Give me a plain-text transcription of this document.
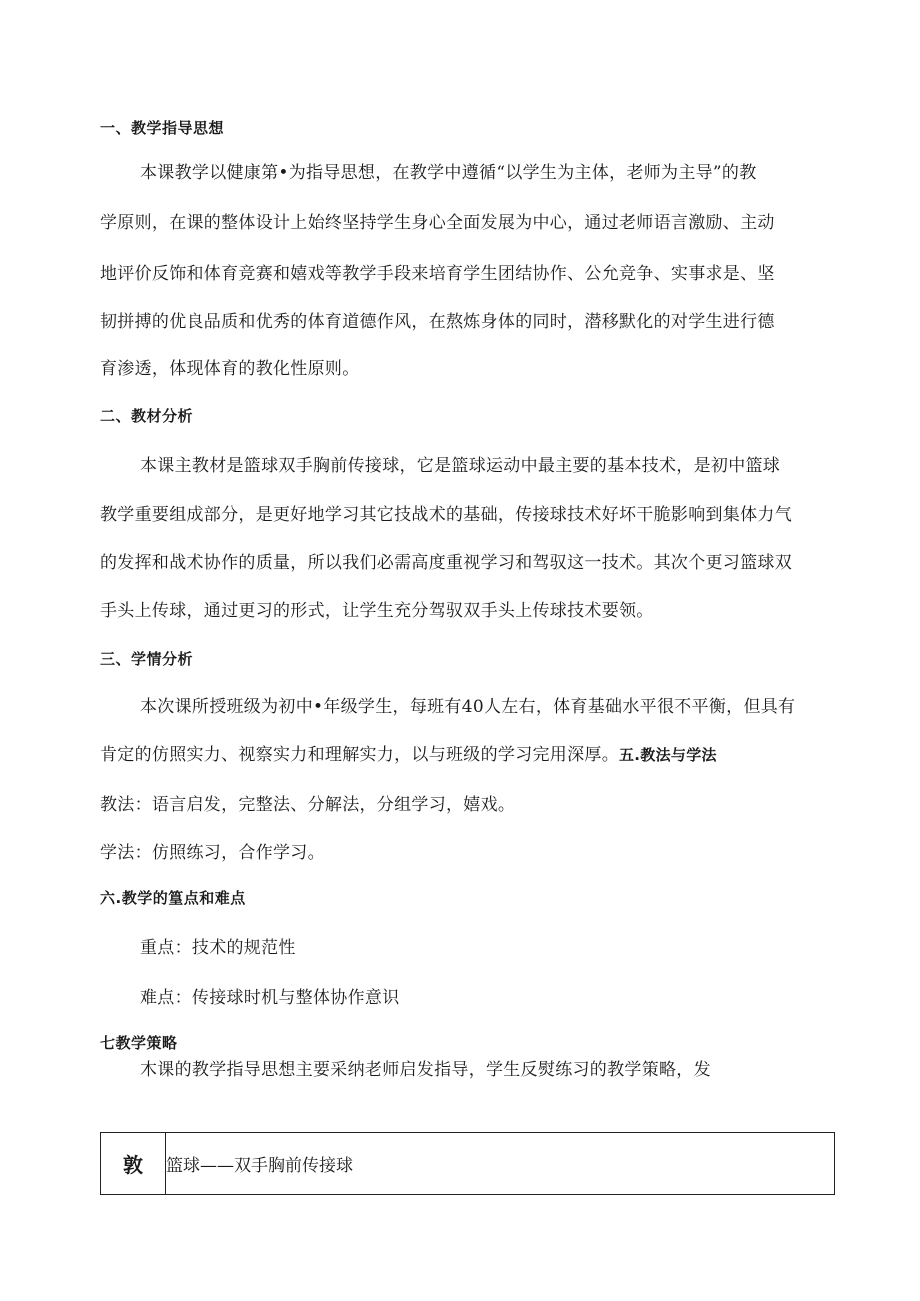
一、教学指导思想
本课教学以健康第•为指导思想，在教学中遵循“以学生为主体，老师为主导”的教
学原则，在课的整体设计上始终坚持学生身心全面发展为中心，通过老师语言激励、主动
地评价反饰和体育竞赛和嬉戏等教学手段来培育学生团结协作、公允竞争、实事求是、坚
韧拼搏的优良品质和优秀的体育道德作风，在熬炼身体的同时，潜移默化的对学生进行德
育渗透，体现体育的教化性原则。
二、教材分析
本课主教材是篮球双手胸前传接球，它是篮球运动中最主要的基本技术，是初中篮球
教学重要组成部分，是更好地学习其它技战术的基础，传接球技术好坏干脆影响到集体力气
的发挥和战术协作的质量，所以我们必需高度重视学习和驾驭这一技术。其次个更习篮球双
手头上传球，通过更习的形式，让学生充分驾驭双手头上传球技术要领。
三、学情分析
本次课所授班级为初中•年级学生，每班有40人左右，体育基础水平很不平衡，但具有
肯定的仿照实力、视察实力和理解实力，以与班级的学习完用深厚。五.教法与学法
教法：语言启发，完整法、分解法，分组学习，嬉戏。
学法：仿照练习，合作学习。
六.教学的篁点和难点
重点：技术的规范性
难点：传接球时机与整体协作意识
七教学策略
木课的教学指导思想主要采纳老师启发指导，学生反熨练习的教学策略，发
敦	篮球——双手胸前传接球
